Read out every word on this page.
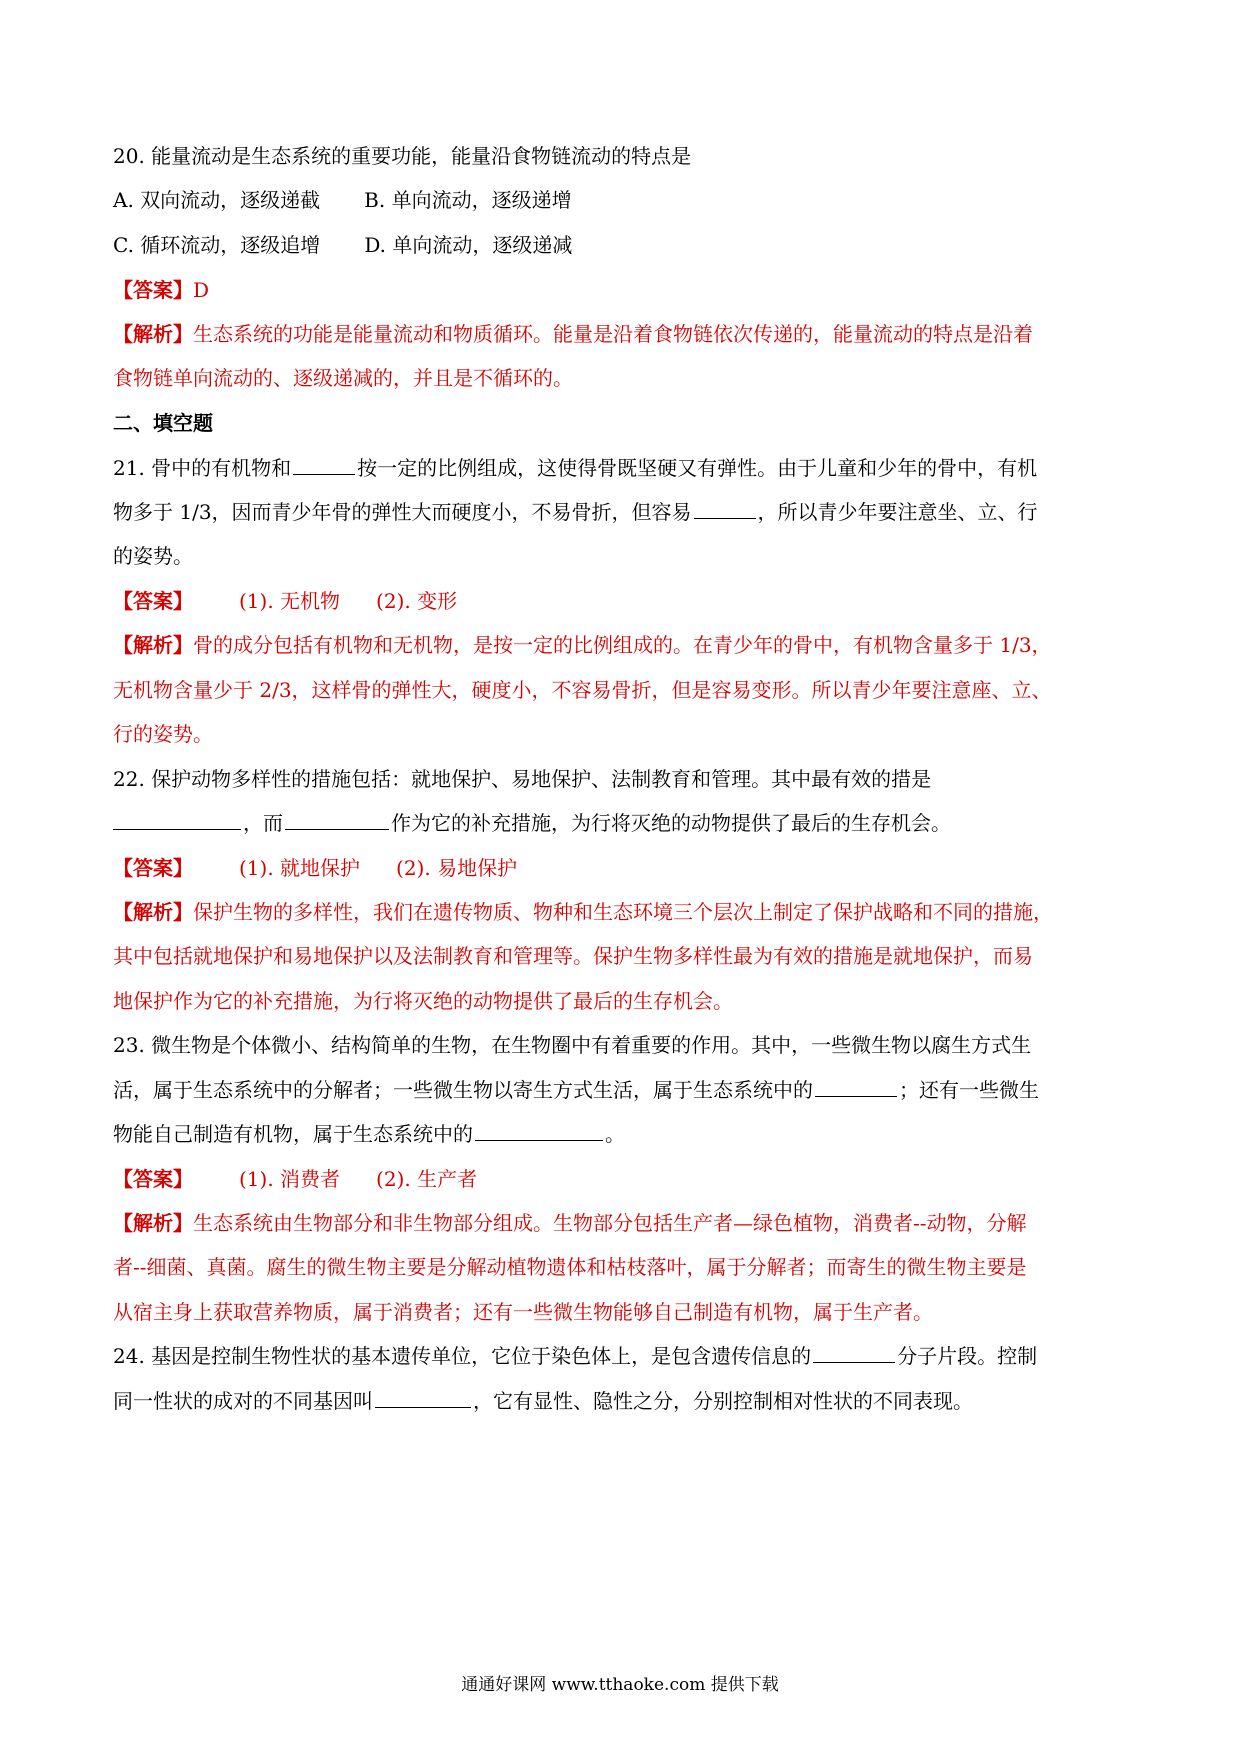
20. 能量流动是生态系统的重要功能，能量沿食物链流动的特点是
A. 双向流动，逐级递截 B. 单向流动，逐级递增
C. 循环流动，逐级追增 D. 单向流动，逐级递减
【答案】D
【解析】生态系统的功能是能量流动和物质循环。能量是沿着食物链依次传递的，能量流动的特点是沿着
食物链单向流动的、逐级递减的，并且是不循环的。
二、填空题
21. 骨中的有机物和	按一定的比例组成，这使得骨既坚硬又有弹性。由于儿童和少年的骨中，有机
物多于 1/3，因而青少年骨的弹性大而硬度小，不易骨折，但容易	，所以青少年要注意坐、立、行
的姿势。
【答案】 (1). 无机物 (2). 变形
【解析】骨的成分包括有机物和无机物，是按一定的比例组成的。在青少年的骨中，有机物含量多于 1/3，
无机物含量少于 2/3，这样骨的弹性大，硬度小，不容易骨折，但是容易变形。所以青少年要注意座、立、
行的姿势。
22. 保护动物多样性的措施包括：就地保护、易地保护、法制教育和管理。其中最有效的措是
，而	作为它的补充措施，为行将灭绝的动物提供了最后的生存机会。
【答案】 (1). 就地保护 (2). 易地保护
【解析】保护生物的多样性，我们在遗传物质、物种和生态环境三个层次上制定了保护战略和不同的措施，
其中包括就地保护和易地保护以及法制教育和管理等。保护生物多样性最为有效的措施是就地保护，而易
地保护作为它的补充措施，为行将灭绝的动物提供了最后的生存机会。
23. 微生物是个体微小、结构简单的生物，在生物圈中有着重要的作用。其中，一些微生物以腐生方式生
活，属于生态系统中的分解者；一些微生物以寄生方式生活，属于生态系统中的	；还有一些微生
物能自己制造有机物，属于生态系统中的	。
【答案】 (1). 消费者 (2). 生产者
【解析】生态系统由生物部分和非生物部分组成。生物部分包括生产者—绿色植物，消费者--动物，分解
者--细菌、真菌。腐生的微生物主要是分解动植物遗体和枯枝落叶，属于分解者；而寄生的微生物主要是
从宿主身上获取营养物质，属于消费者；还有一些微生物能够自己制造有机物，属于生产者。
24. 基因是控制生物性状的基本遗传单位，它位于染色体上，是包含遗传信息的	分子片段。控制
同一性状的成对的不同基因叫	，它有显性、隐性之分，分别控制相对性状的不同表现。
通通好课网 www.tthaoke.com 提供下载
